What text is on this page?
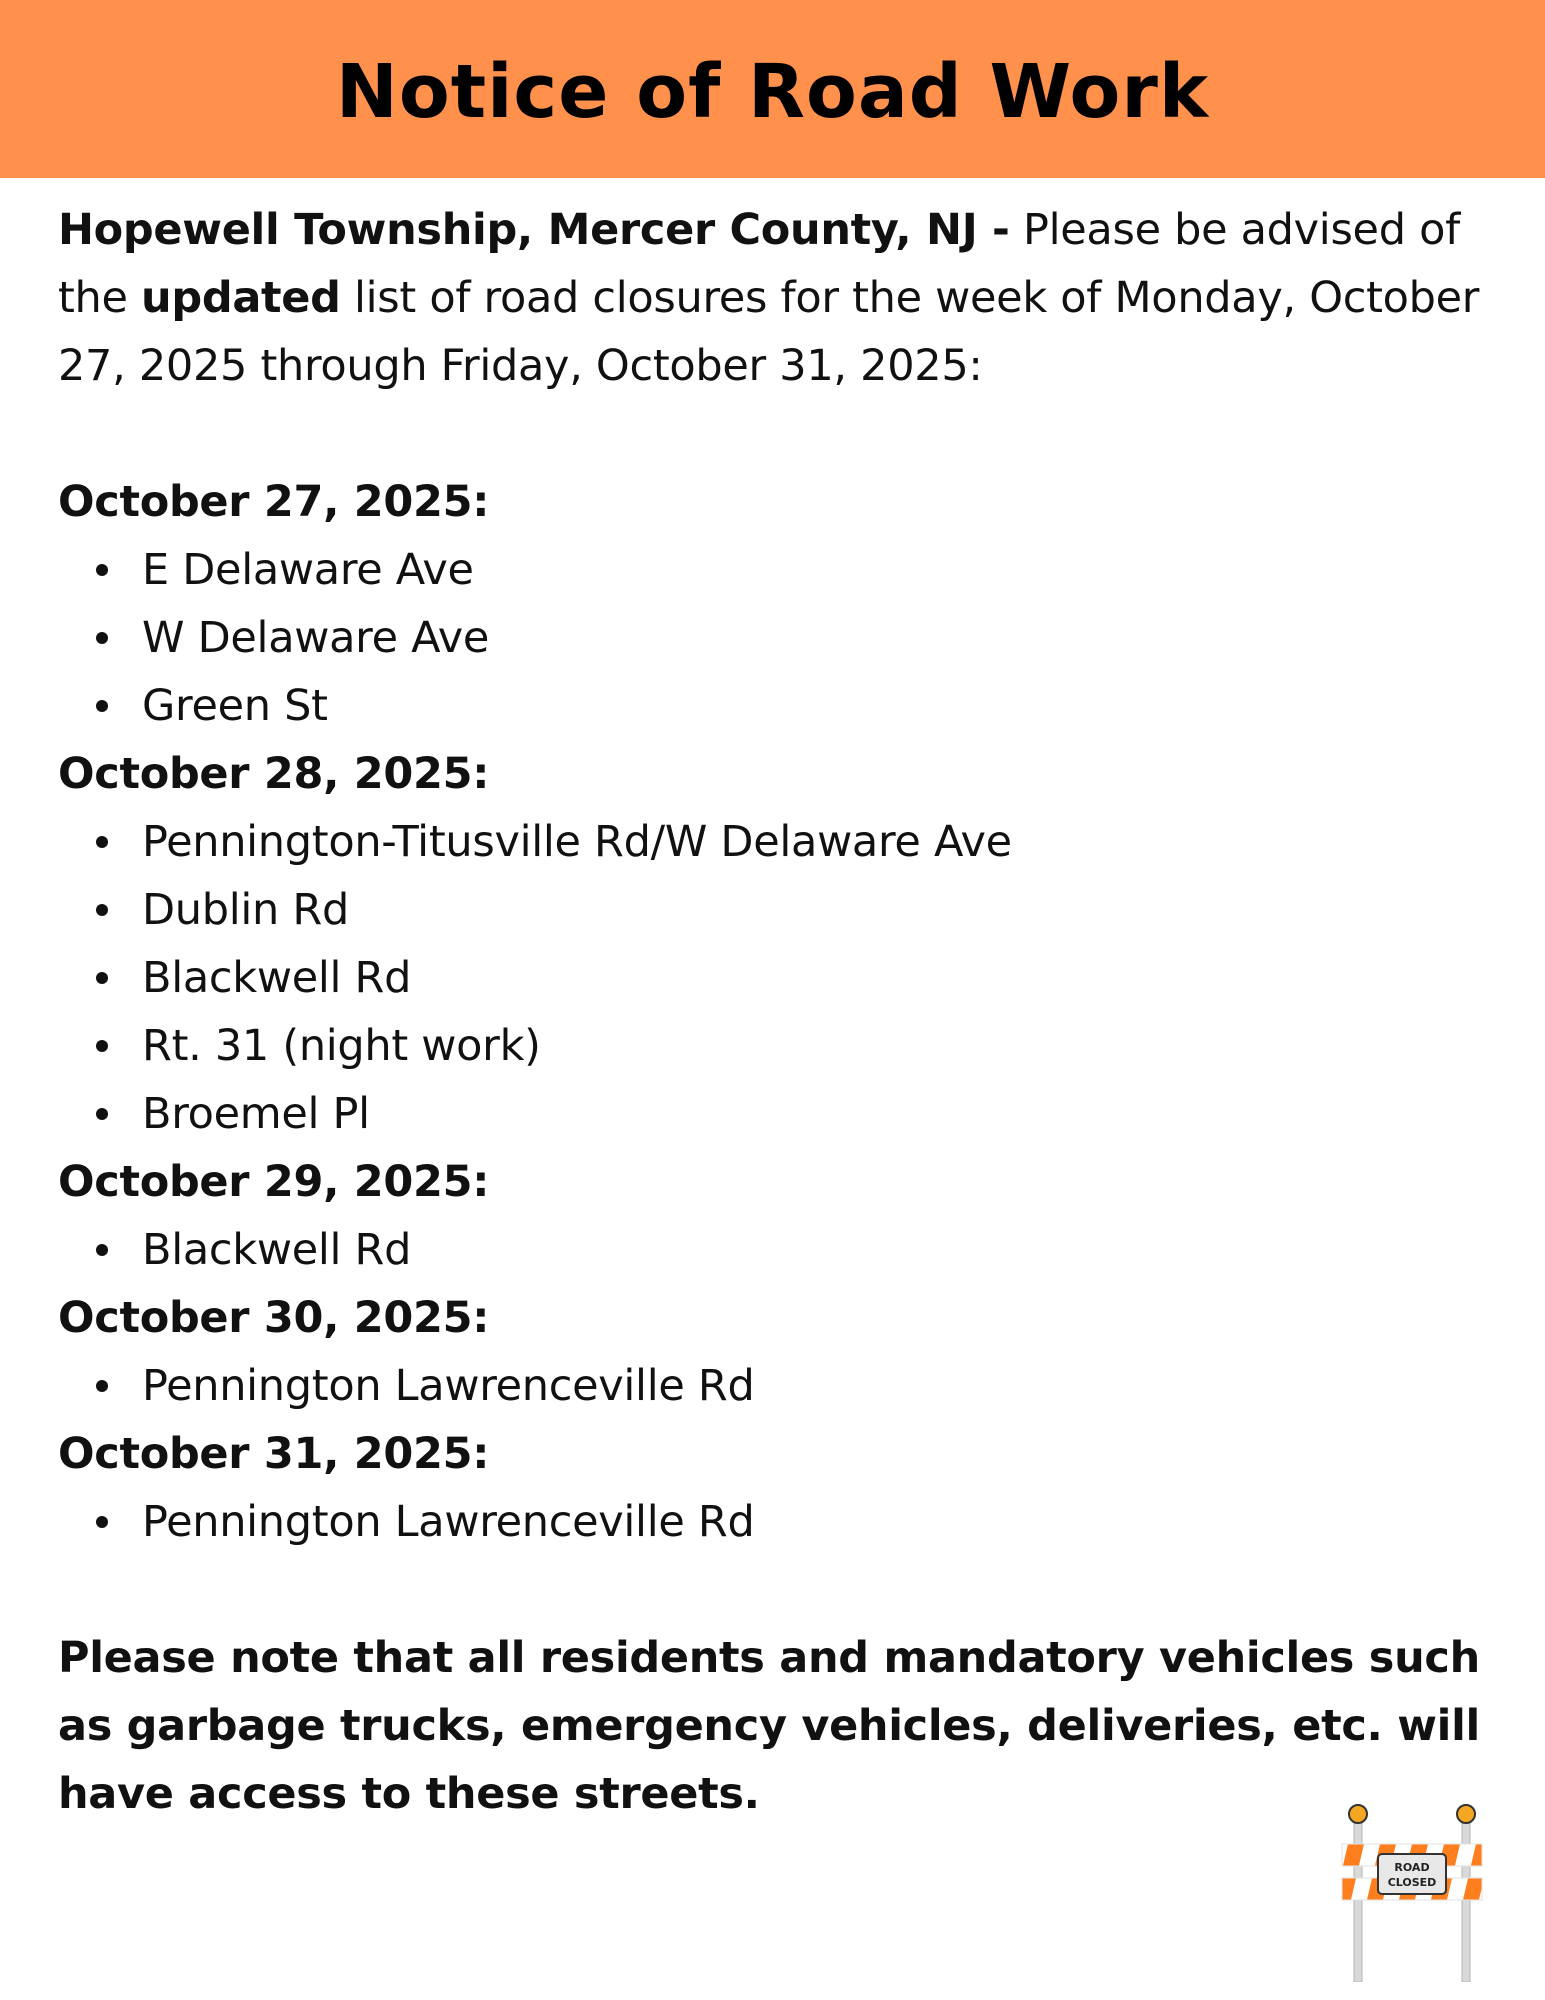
Notice of Road Work

Hopewell Township, Mercer County, NJ - Please be advised of the updated list of road closures for the week of Monday, October 27, 2025 through Friday, October 31, 2025:

October 27, 2025:

E Delaware Ave
W Delaware Ave
Green St

October 28, 2025:

Pennington-Titusville Rd/W Delaware Ave
Dublin Rd
Blackwell Rd
Rt. 31 (night work)
Broemel Pl

October 29, 2025:

Blackwell Rd

October 30, 2025:

Pennington Lawrenceville Rd

October 31, 2025:

Pennington Lawrenceville Rd

Please note that all residents and mandatory vehicles such as garbage trucks, emergency vehicles, deliveries, etc. will have access to these streets.

ROAD
CLOSED
